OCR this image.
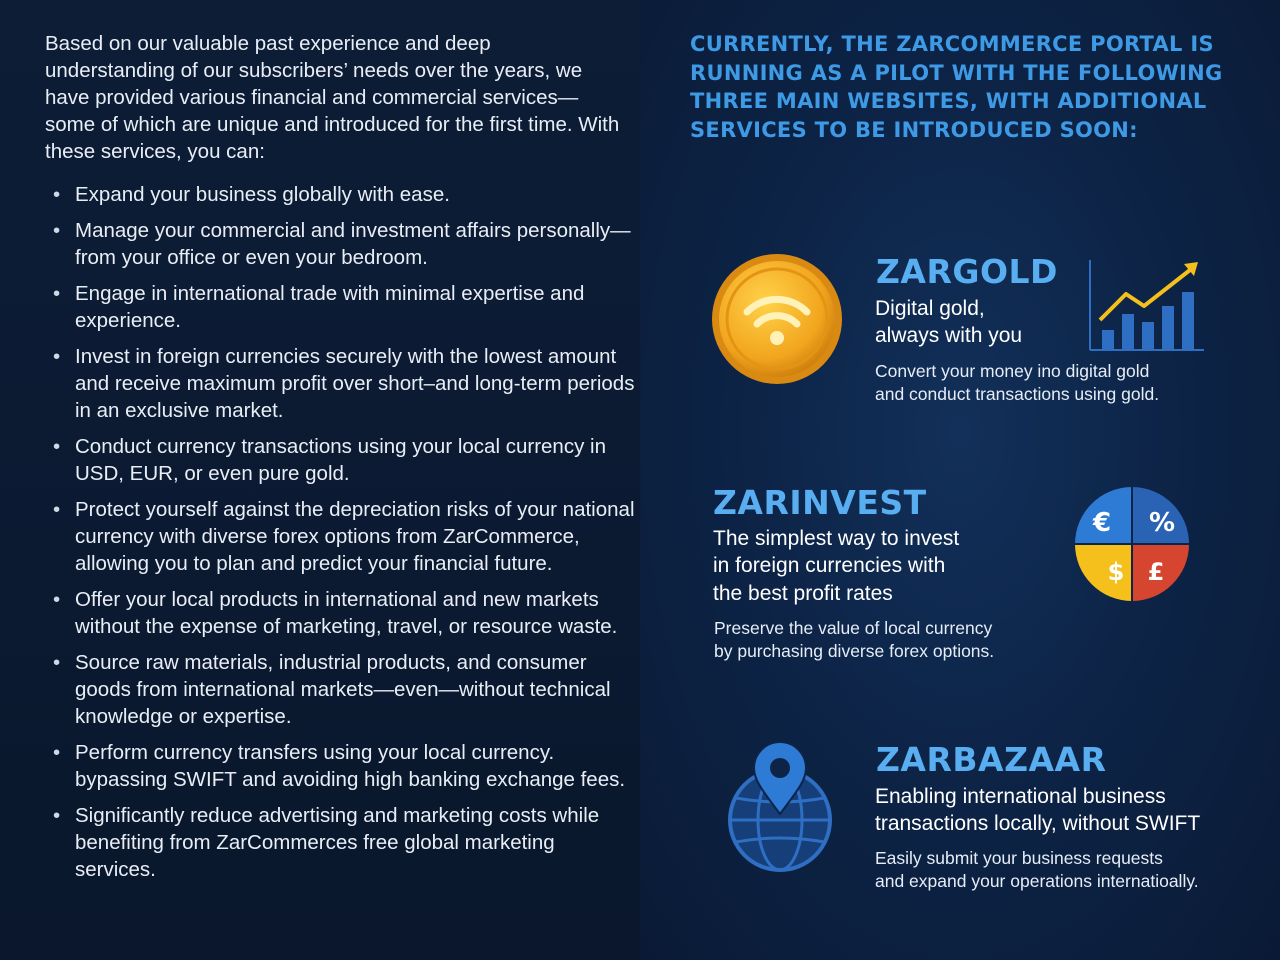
Based on our valuable past experience and deep understanding of our subscribers’ needs over the years, we have provided various financial and commercial services—some of which are unique and introduced for the first time. With these services, you can:

• Expand your business globally with ease.
• Manage your commercial and investment affairs personally—from your office or even your bedroom.
• Engage in international trade with minimal expertise and experience.
• Invest in foreign currencies securely with the lowest amount and receive maximum profit over short–and long-term periods in an exclusive market.
• Conduct currency transactions using your local currency in USD, EUR, or even pure gold.
• Protect yourself against the depreciation risks of your national currency with diverse forex options from ZarCommerce, allowing you to plan and predict your financial future.
• Offer your local products in international and new markets without the expense of marketing, travel, or resource waste.
• Source raw materials, industrial products, and consumer goods from international markets—even—without technical knowledge or expertise.
• Perform currency transfers using your local currency. bypassing SWIFT and avoiding high banking exchange fees.
• Significantly reduce advertising and marketing costs while benefiting from ZarCommerces free global marketing services.
CURRENTLY, THE ZARCOMMERCE PORTAL IS RUNNING AS A PILOT WITH THE FOLLOWING THREE MAIN WEBSITES, WITH ADDITIONAL SERVICES TO BE INTRODUCED SOON:
ZARGOLD
Digital gold,
always with you
Convert your money ino digital gold
and conduct transactions using gold.
ZARINVEST
The simplest way to invest
in foreign currencies with
the best profit rates
€ %
$ £
Preserve the value of local currency
by purchasing diverse forex options.
ZARBAZAAR
Enabling international business
transactions locally, without SWIFT
Easily submit your business requests
and expand your operations internatioally.
